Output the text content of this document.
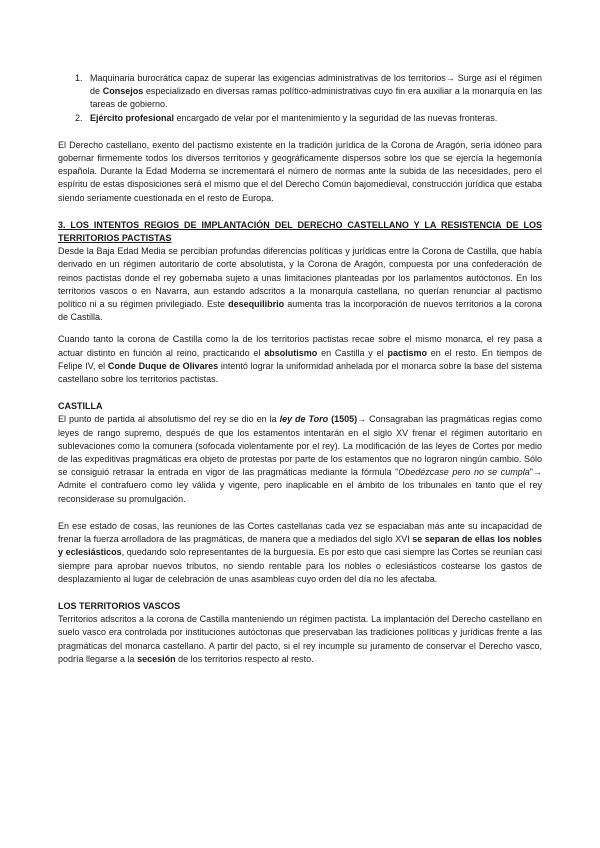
1. Maquinaria burocrática capaz de superar las exigencias administrativas de los territorios→ Surge así el régimen de Consejos especializado en diversas ramas político-administrativas cuyo fin era auxiliar a la monarquía en las tareas de gobierno.
2. Ejército profesional encargado de velar por el mantenimiento y la seguridad de las nuevas fronteras.

El Derecho castellano, exento del pactismo existente en la tradición jurídica de la Corona de Aragón, sería idóneo para gobernar firmemente todos los diversos territorios y geográficamente dispersos sobre los que se ejercía la hegemonía española. Durante la Edad Moderna se incrementará el número de normas ante la subida de las necesidades, pero el espíritu de estas disposiciones será el mismo que el del Derecho Común bajomedieval, construcción jurídica que estaba siendo seriamente cuestionada en el resto de Europa.

3. LOS INTENTOS REGIOS DE IMPLANTACIÓN DEL DERECHO CASTELLANO Y LA RESISTENCIA DE LOS TERRITORIOS PACTISTAS

Desde la Baja Edad Media se percibían profundas diferencias políticas y jurídicas entre la Corona de Castilla, que había derivado en un régimen autoritario de corte absolutista, y la Corona de Aragón, compuesta por una confederación de reinos pactistas donde el rey gobernaba sujeto a unas limitaciones planteadas por los parlamentos autóctonos. En los territorios vascos o en Navarra, aun estando adscritos a la monarquía castellana, no querían renunciar al pactismo político ni a su régimen privilegiado. Este desequilibrio aumenta tras la incorporación de nuevos territorios a la corona de Castilla.

Cuando tanto la corona de Castilla como la de los territorios pactistas recae sobre el mismo monarca, el rey pasa a actuar distinto en función al reino, practicando el absolutismo en Castilla y el pactismo en el resto. En tiempos de Felipe IV, el Conde Duque de Olivares intentó lograr la uniformidad anhelada por el monarca sobre la base del sistema castellano sobre los territorios pactistas.

CASTILLA

El punto de partida al absolutismo del rey se dio en la ley de Toro (1505)→ Consagraban las pragmáticas regias como leyes de rango supremo, después de que los estamentos intentarán en el siglo XV frenar el régimen autoritario en sublevaciones como la comunera (sofocada violentamente por el rey). La modificación de las leyes de Cortes por medio de las expeditivas pragmáticas era objeto de protestas por parte de los estamentos que no lograron ningún cambio. Sólo se consiguió retrasar la entrada en vigor de las pragmáticas mediante la fórmula "Obedézcase pero no se cumpla"→ Admite el contrafuero como ley válida y vigente, pero inaplicable en el ámbito de los tribunales en tanto que el rey reconsiderase su promulgación.

En ese estado de cosas, las reuniones de las Cortes castellanas cada vez se espaciaban más ante su incapacidad de frenar la fuerza arrolladora de las pragmáticas, de manera que a mediados del siglo XVI se separan de ellas los nobles y eclesiásticos, quedando solo representantes de la burguesía. Es por esto que casi siempre las Cortes se reunían casi siempre para aprobar nuevos tributos, no siendo rentable para los nobles o eclesiásticos costearse los gastos de desplazamiento al lugar de celebración de unas asambleas cuyo orden del día no les afectaba.

LOS TERRITORIOS VASCOS

Territorios adscritos a la corona de Castilla manteniendo un régimen pactista. La implantación del Derecho castellano en suelo vasco era controlada por instituciones autóctonas que preservaban las tradiciones políticas y jurídicas frente a las pragmáticas del monarca castellano. A partir del pacto, si el rey incumple su juramento de conservar el Derecho vasco, podría llegarse a la secesión de los territorios respecto al resto.
